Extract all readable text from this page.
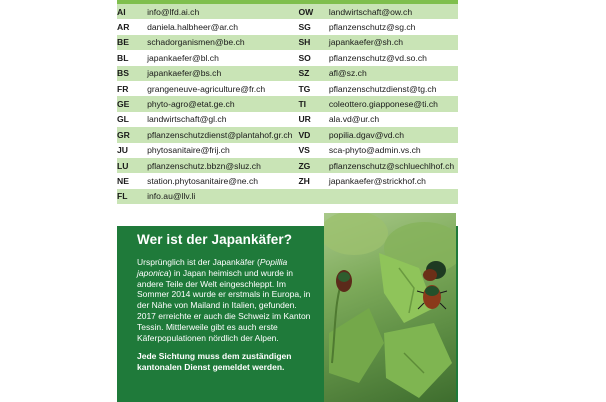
AI	info@lfd.ai.ch	OW	landwirtschaft@ow.ch
AR	daniela.halbheer@ar.ch	SG	pflanzenschutz@sg.ch
BE	schadorganismen@be.ch	SH	japankaefer@sh.ch
BL	japankaefer@bl.ch	SO	pflanzenschutz@vd.so.ch
BS	japankaefer@bs.ch	SZ	afl@sz.ch
FR	grangeneuve-agriculture@fr.ch	TG	pflanzenschutzdienst@tg.ch
GE	phyto-agro@etat.ge.ch	TI	coleottero.giapponese@ti.ch
GL	landwirtschaft@gl.ch	UR	ala.vd@ur.ch
GR	pflanzenschutzdienst@plantahof.gr.ch	VD	popilia.dgav@vd.ch
JU	phytosanitaire@frij.ch	VS	sca-phyto@admin.vs.ch
LU	pflanzenschutz.bbzn@sluz.ch	ZG	pflanzenschutz@schluechlhof.ch
NE	station.phytosanitaire@ne.ch	ZH	japankaefer@strickhof.ch
FL	info.au@llv.li		
Wer ist der Japankäfer?

Ursprünglich ist der Japankäfer (Popillia japonica) in Japan heimisch und wurde in andere Teile der Welt eingeschleppt. Im Sommer 2014 wurde er erstmals in Europa, in der Nähe von Mailand in Italien, gefunden. 2017 erreichte er auch die Schweiz im Kanton Tessin. Mittlerweile gibt es auch erste Käferpopulationen nördlich der Alpen.

Jede Sichtung muss dem zuständigen kantonalen Dienst gemeldet werden.
